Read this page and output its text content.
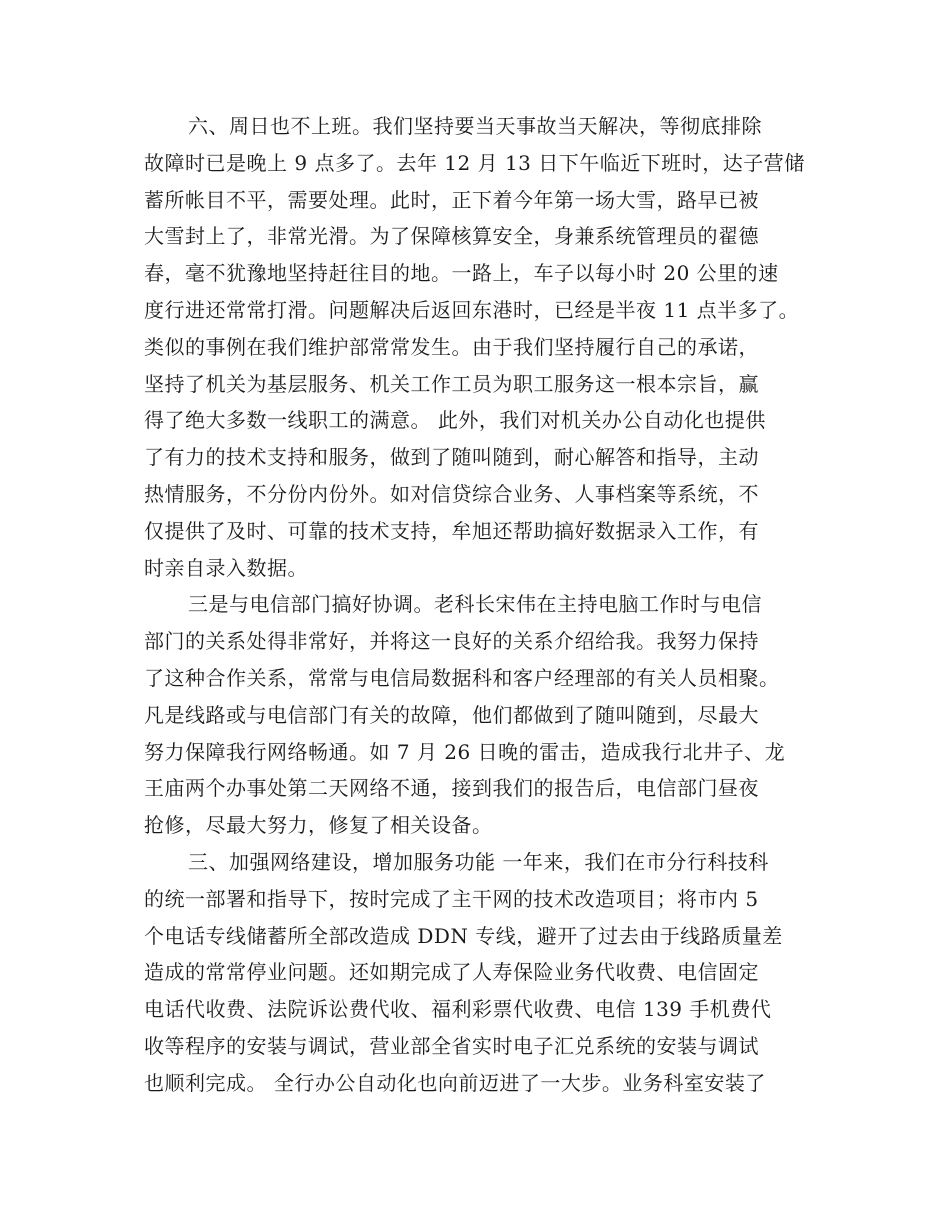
六、周日也不上班。我们坚持要当天事故当天解决，等彻底排除
故障时已是晚上 9 点多了。去年 12 月 13 日下午临近下班时，达子营储
蓄所帐目不平，需要处理。此时，正下着今年第一场大雪，路早已被
大雪封上了，非常光滑。为了保障核算安全，身兼系统管理员的翟德
春，毫不犹豫地坚持赶往目的地。一路上，车子以每小时 20 公里的速
度行进还常常打滑。问题解决后返回东港时，已经是半夜 11 点半多了。
类似的事例在我们维护部常常发生。由于我们坚持履行自己的承诺，
坚持了机关为基层服务、机关工作工员为职工服务这一根本宗旨，赢
得了绝大多数一线职工的满意。 此外，我们对机关办公自动化也提供
了有力的技术支持和服务，做到了随叫随到，耐心解答和指导，主动
热情服务，不分份内份外。如对信贷综合业务、人事档案等系统，不
仅提供了及时、可靠的技术支持，牟旭还帮助搞好数据录入工作，有
时亲自录入数据。
三是与电信部门搞好协调。老科长宋伟在主持电脑工作时与电信
部门的关系处得非常好，并将这一良好的关系介绍给我。我努力保持
了这种合作关系，常常与电信局数据科和客户经理部的有关人员相聚。
凡是线路或与电信部门有关的故障，他们都做到了随叫随到，尽最大
努力保障我行网络畅通。如 7 月 26 日晚的雷击，造成我行北井子、龙
王庙两个办事处第二天网络不通，接到我们的报告后，电信部门昼夜
抢修，尽最大努力，修复了相关设备。
三、加强网络建设，增加服务功能 一年来，我们在市分行科技科
的统一部署和指导下，按时完成了主干网的技术改造项目；将市内 5
个电话专线储蓄所全部改造成 DDN 专线，避开了过去由于线路质量差
造成的常常停业问题。还如期完成了人寿保险业务代收费、电信固定
电话代收费、法院诉讼费代收、福利彩票代收费、电信 139 手机费代
收等程序的安装与调试，营业部全省实时电子汇兑系统的安装与调试
也顺利完成。 全行办公自动化也向前迈进了一大步。业务科室安装了
